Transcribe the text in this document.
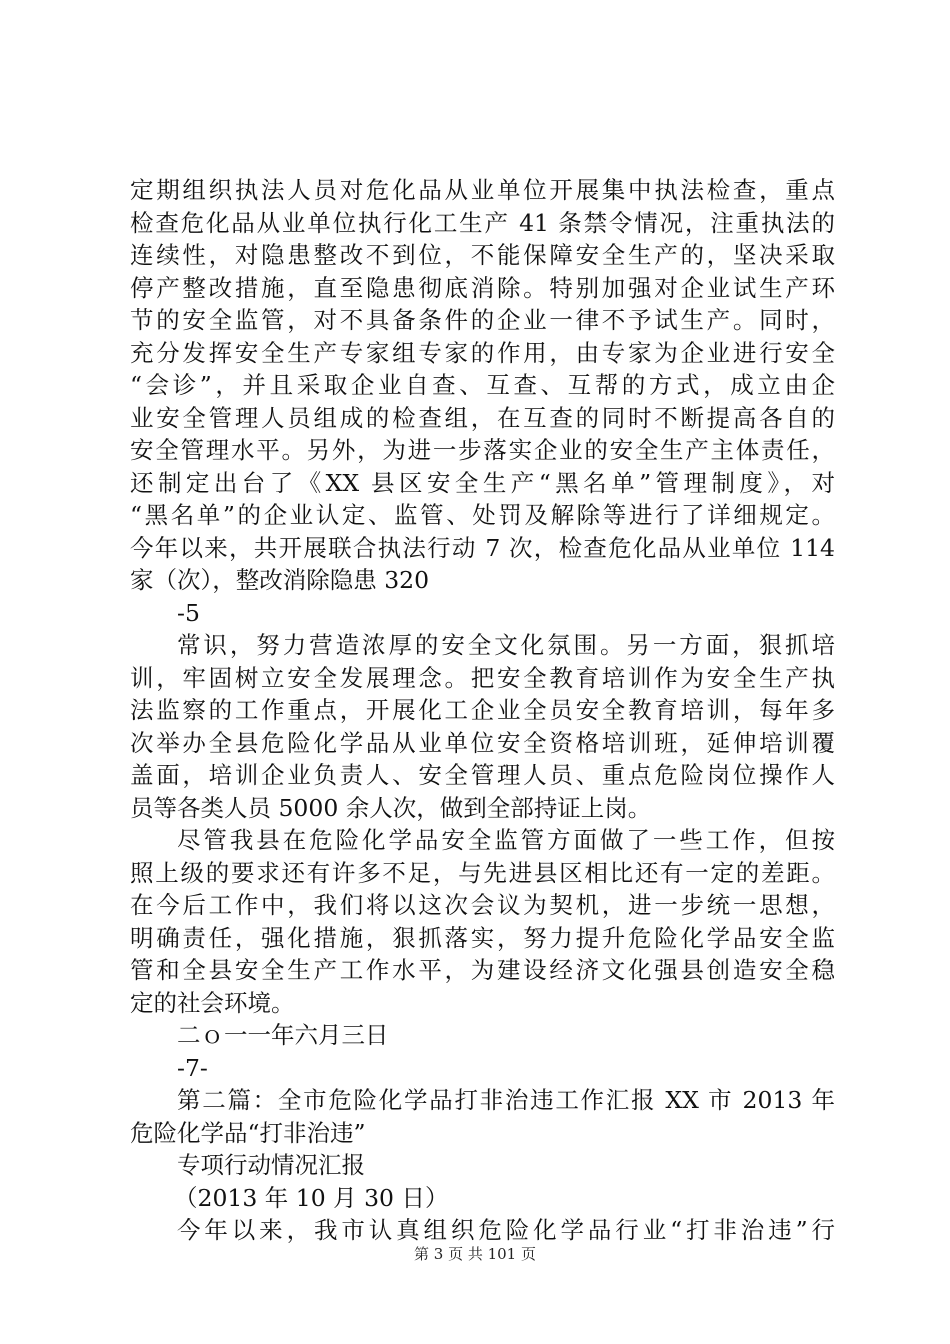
定期组织执法人员对危化品从业单位开展集中执法检查，重点
检查危化品从业单位执行化工生产 41 条禁令情况，注重执法的
连续性，对隐患整改不到位，不能保障安全生产的，坚决采取
停产整改措施，直至隐患彻底消除。特别加强对企业试生产环
节的安全监管，对不具备条件的企业一律不予试生产。同时，
充分发挥安全生产专家组专家的作用，由专家为企业进行安全
“会诊”，并且采取企业自查、互查、互帮的方式，成立由企
业安全管理人员组成的检查组，在互查的同时不断提高各自的
安全管理水平。另外，为进一步落实企业的安全生产主体责任，
还制定出台了《XX 县区安全生产“黑名单”管理制度》，对
“黑名单”的企业认定、监管、处罚及解除等进行了详细规定。
今年以来，共开展联合执法行动 7 次，检查危化品从业单位 114
家（次），整改消除隐患 320
-5
常识，努力营造浓厚的安全文化氛围。另一方面，狠抓培
训，牢固树立安全发展理念。把安全教育培训作为安全生产执
法监察的工作重点，开展化工企业全员安全教育培训，每年多
次举办全县危险化学品从业单位安全资格培训班，延伸培训覆
盖面，培训企业负责人、安全管理人员、重点危险岗位操作人
员等各类人员 5000 余人次，做到全部持证上岗。
尽管我县在危险化学品安全监管方面做了一些工作，但按
照上级的要求还有许多不足，与先进县区相比还有一定的差距。
在今后工作中，我们将以这次会议为契机，进一步统一思想，
明确责任，强化措施，狠抓落实，努力提升危险化学品安全监
管和全县安全生产工作水平，为建设经济文化强县创造安全稳
定的社会环境。
二ｏ一一年六月三日
-7-
第二篇：全市危险化学品打非治违工作汇报 XX 市 2013 年
危险化学品“打非治违”
专项行动情况汇报
（2013 年 10 月 30 日）
今年以来，我市认真组织危险化学品行业“打非治违”行
第 3 页 共 101 页
